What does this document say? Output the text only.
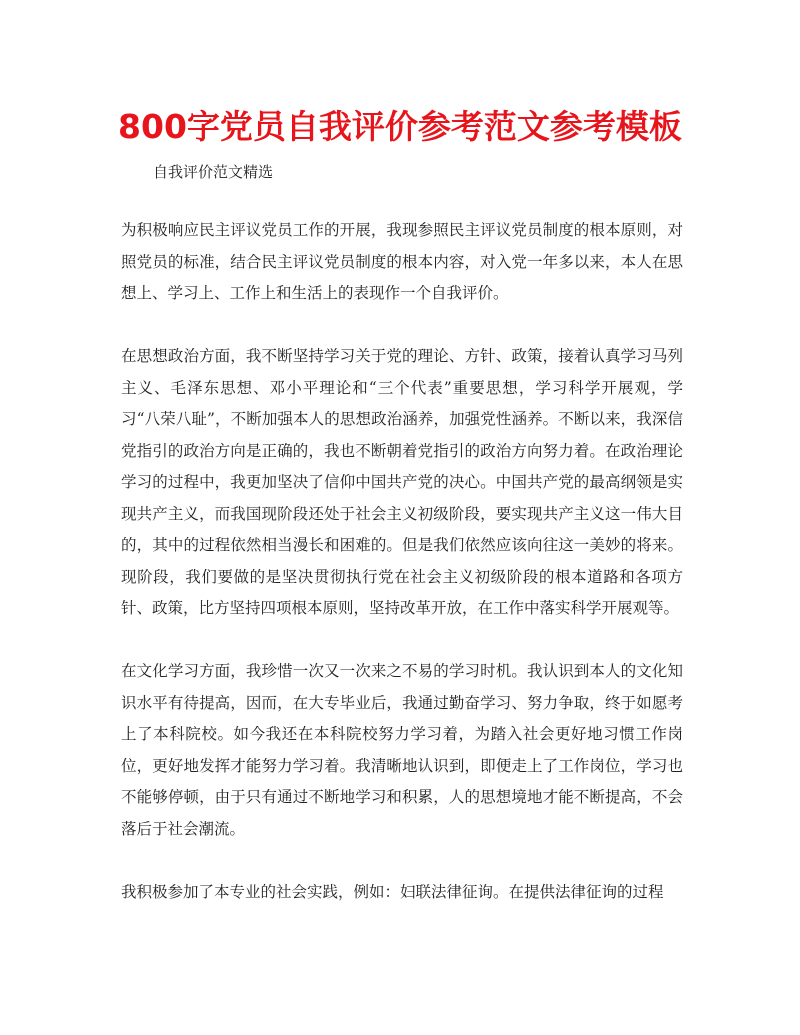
800字党员自我评价参考范文参考模板
自我评价范文精选

为积极响应民主评议党员工作的开展，我现参照民主评议党员制度的根本原则，对照党员的标准，结合民主评议党员制度的根本内容，对入党一年多以来，本人在思想上、学习上、工作上和生活上的表现作一个自我评价。

在思想政治方面，我不断坚持学习关于党的理论、方针、政策，接着认真学习马列主义、毛泽东思想、邓小平理论和“三个代表”重要思想，学习科学开展观，学习“八荣八耻”，不断加强本人的思想政治涵养，加强党性涵养。不断以来，我深信党指引的政治方向是正确的，我也不断朝着党指引的政治方向努力着。在政治理论学习的过程中，我更加坚决了信仰中国共产党的决心。中国共产党的最高纲领是实现共产主义，而我国现阶段还处于社会主义初级阶段，要实现共产主义这一伟大目的，其中的过程依然相当漫长和困难的。但是我们依然应该向往这一美妙的将来。现阶段，我们要做的是坚决贯彻执行党在社会主义初级阶段的根本道路和各项方针、政策，比方坚持四项根本原则，坚持改革开放，在工作中落实科学开展观等。

在文化学习方面，我珍惜一次又一次来之不易的学习时机。我认识到本人的文化知识水平有待提高，因而，在大专毕业后，我通过勤奋学习、努力争取，终于如愿考上了本科院校。如今我还在本科院校努力学习着，为踏入社会更好地习惯工作岗位，更好地发挥才能努力学习着。我清晰地认识到，即便走上了工作岗位，学习也不能够停顿，由于只有通过不断地学习和积累，人的思想境地才能不断提高，不会落后于社会潮流。

我积极参加了本专业的社会实践，例如：妇联法律征询。在提供法律征询的过程
